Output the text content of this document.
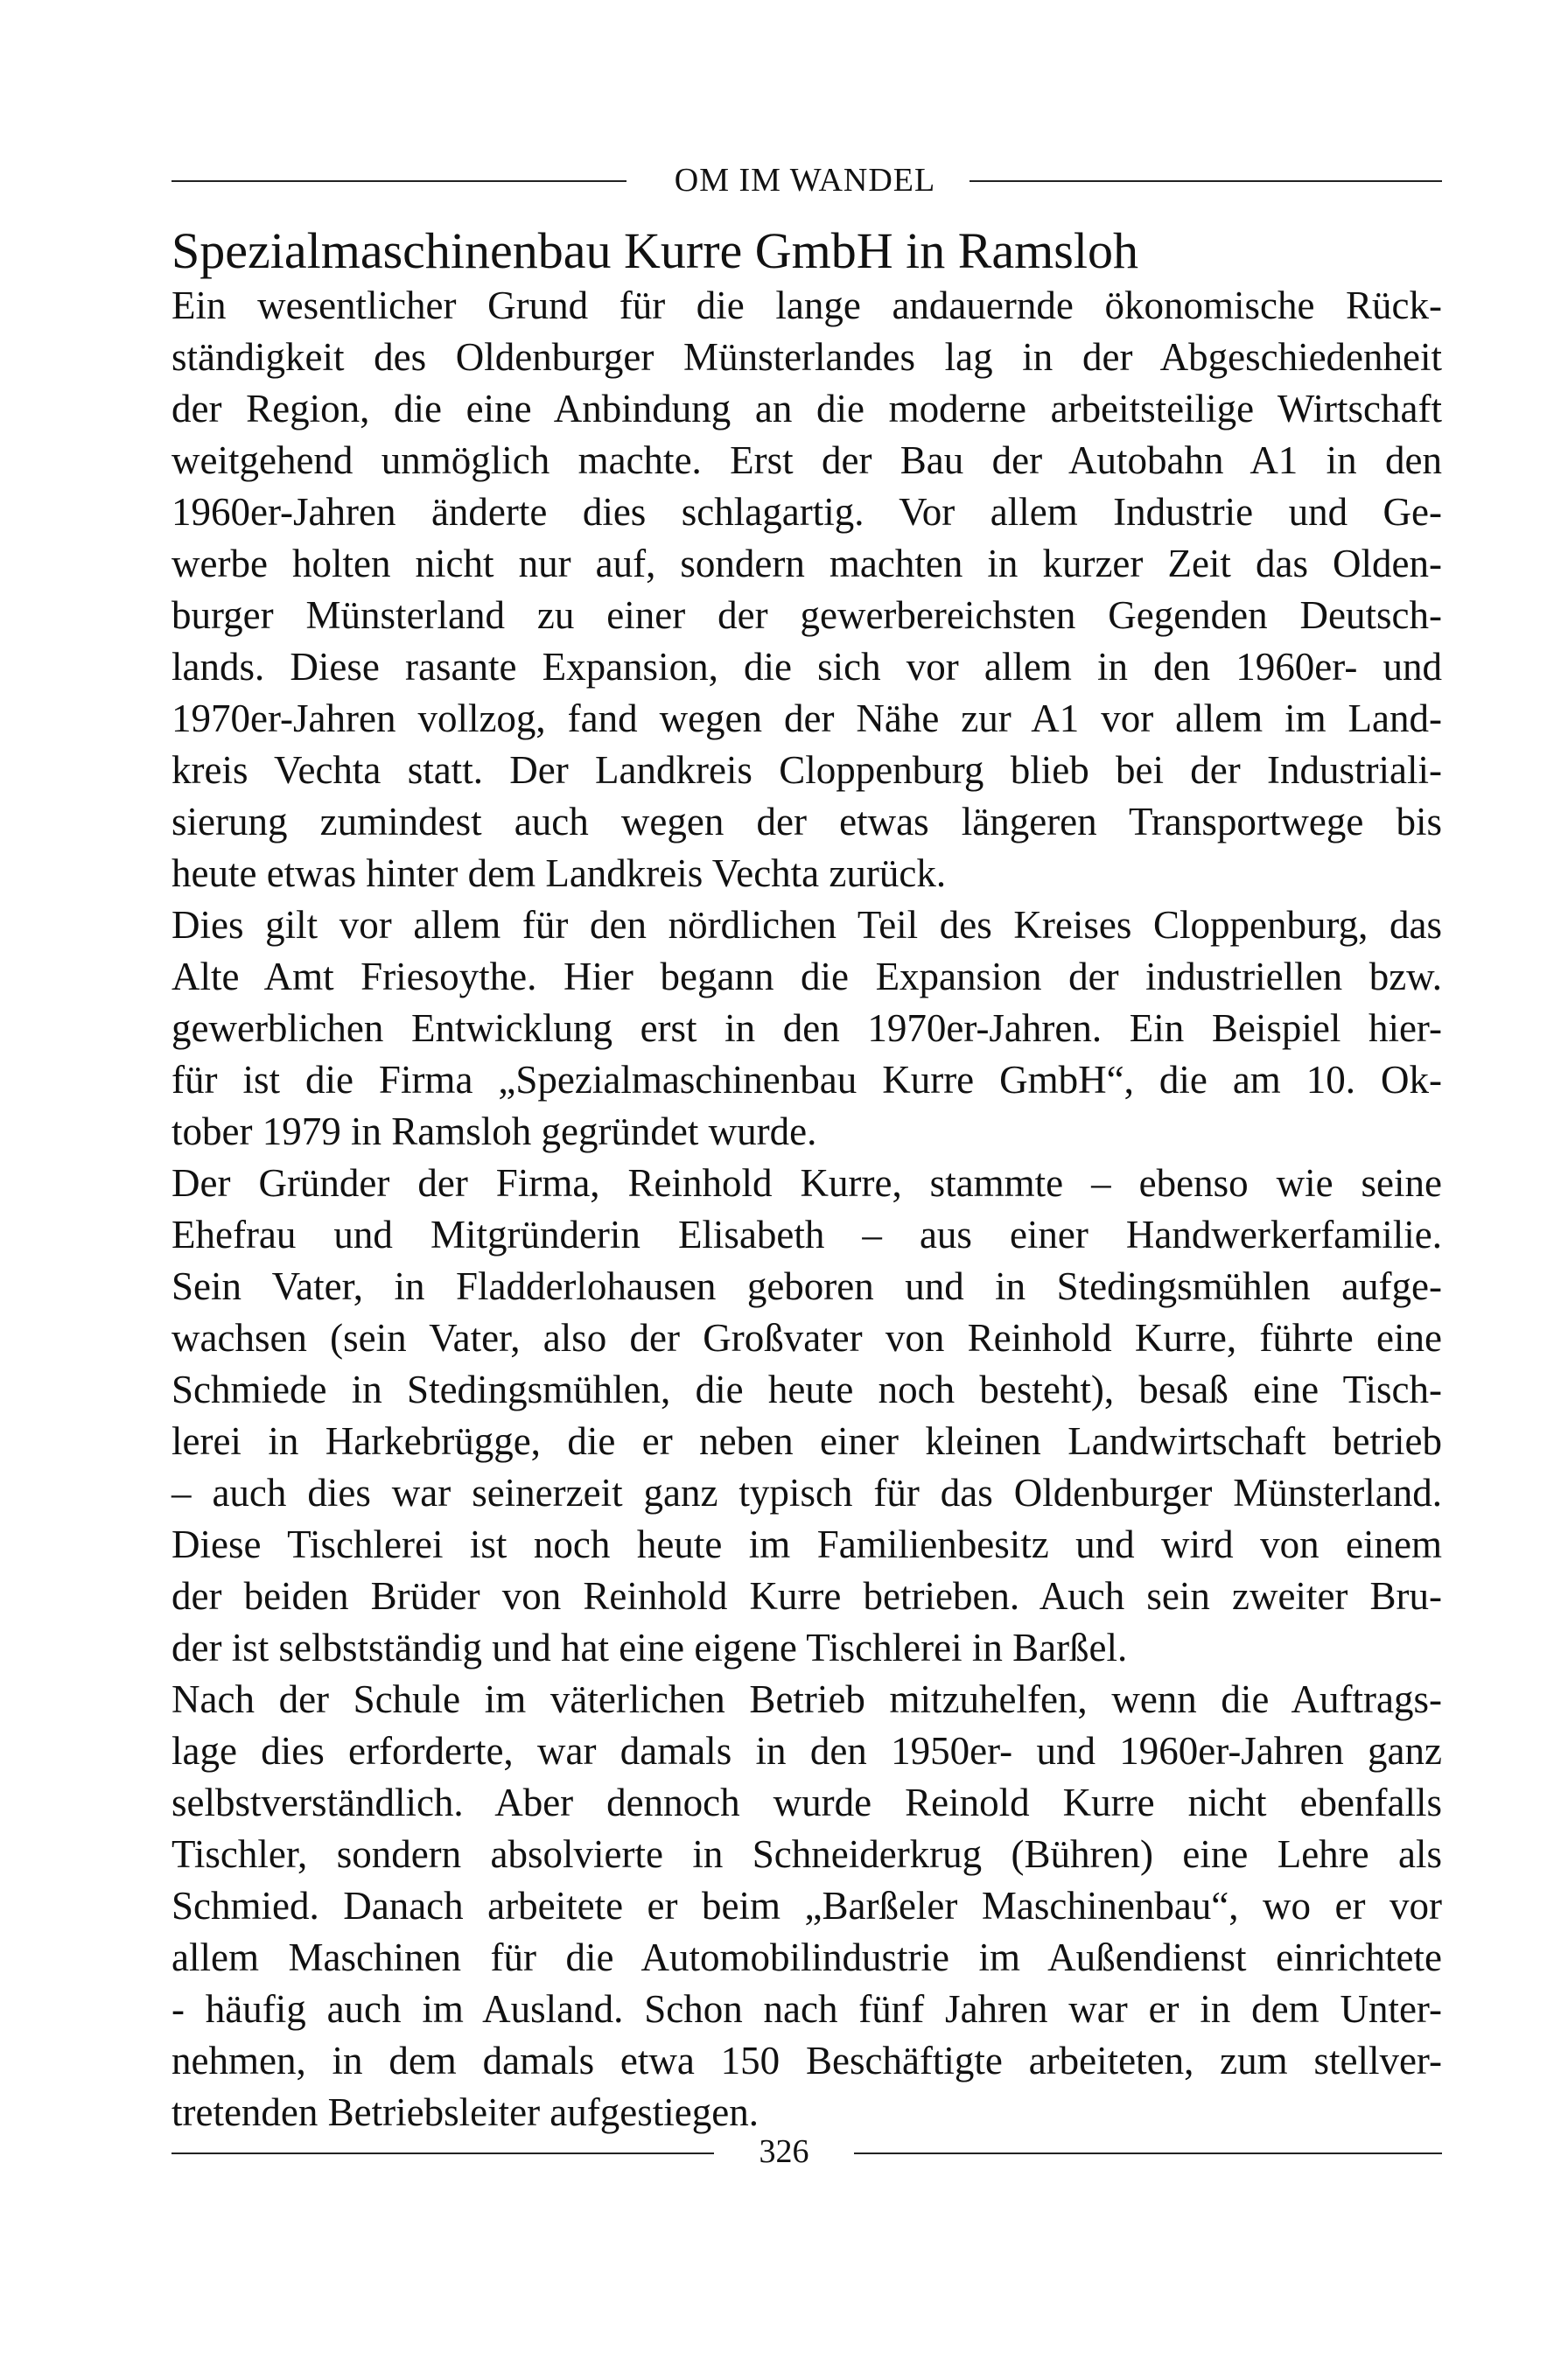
OM IM WANDEL
Spezialmaschinenbau Kurre GmbH in Ramsloh
Ein wesentlicher Grund für die lange andauernde ökonomische Rück-
ständigkeit des Oldenburger Münsterlandes lag in der Abgeschiedenheit
der Region, die eine Anbindung an die moderne arbeitsteilige Wirtschaft
weitgehend unmöglich machte. Erst der Bau der Autobahn A1 in den
1960er-Jahren änderte dies schlagartig. Vor allem Industrie und Ge-
werbe holten nicht nur auf, sondern machten in kurzer Zeit das Olden-
burger Münsterland zu einer der gewerbereichsten Gegenden Deutsch-
lands. Diese rasante Expansion, die sich vor allem in den 1960er- und
1970er-Jahren vollzog, fand wegen der Nähe zur A1 vor allem im Land-
kreis Vechta statt. Der Landkreis Cloppenburg blieb bei der Industriali-
sierung zumindest auch wegen der etwas längeren Transportwege bis
heute etwas hinter dem Landkreis Vechta zurück.
Dies gilt vor allem für den nördlichen Teil des Kreises Cloppenburg, das
Alte Amt Friesoythe. Hier begann die Expansion der industriellen bzw.
gewerblichen Entwicklung erst in den 1970er-Jahren. Ein Beispiel hier-
für ist die Firma „Spezialmaschinenbau Kurre GmbH“, die am 10. Ok-
tober 1979 in Ramsloh gegründet wurde.
Der Gründer der Firma, Reinhold Kurre, stammte – ebenso wie seine
Ehefrau und Mitgründerin Elisabeth – aus einer Handwerkerfamilie.
Sein Vater, in Fladderlohausen geboren und in Stedingsmühlen aufge-
wachsen (sein Vater, also der Großvater von Reinhold Kurre, führte eine
Schmiede in Stedingsmühlen, die heute noch besteht), besaß eine Tisch-
lerei in Harkebrügge, die er neben einer kleinen Landwirtschaft betrieb
– auch dies war seinerzeit ganz typisch für das Oldenburger Münsterland.
Diese Tischlerei ist noch heute im Familienbesitz und wird von einem
der beiden Brüder von Reinhold Kurre betrieben. Auch sein zweiter Bru-
der ist selbstständig und hat eine eigene Tischlerei in Barßel.
Nach der Schule im väterlichen Betrieb mitzuhelfen, wenn die Auftrags-
lage dies erforderte, war damals in den 1950er- und 1960er-Jahren ganz
selbstverständlich. Aber dennoch wurde Reinold Kurre nicht ebenfalls
Tischler, sondern absolvierte in Schneiderkrug (Bühren) eine Lehre als
Schmied. Danach arbeitete er beim „Barßeler Maschinenbau“, wo er vor
allem Maschinen für die Automobilindustrie im Außendienst einrichtete
- häufig auch im Ausland. Schon nach fünf Jahren war er in dem Unter-
nehmen, in dem damals etwa 150 Beschäftigte arbeiteten, zum stellver-
tretenden Betriebsleiter aufgestiegen.
326
